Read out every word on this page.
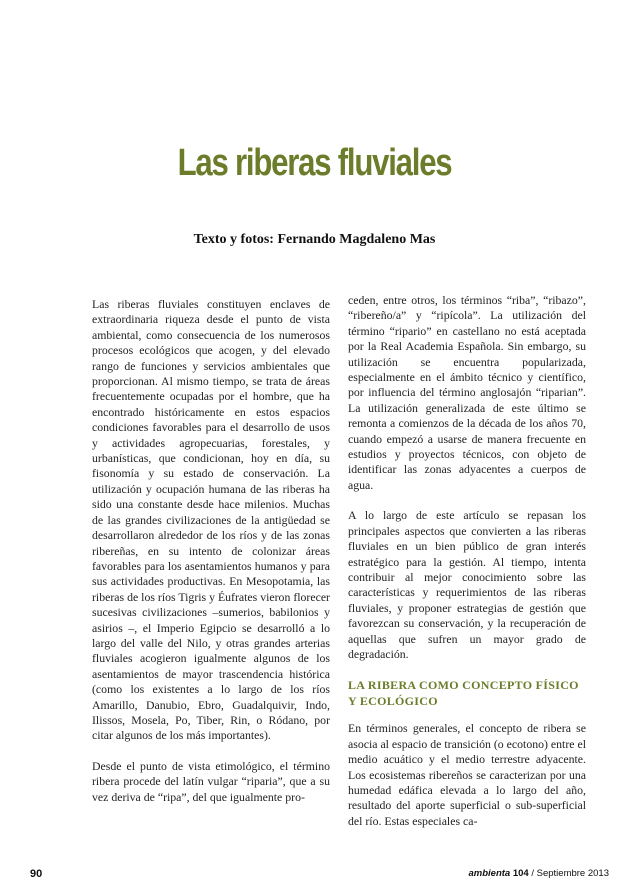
Las riberas fluviales

Texto y fotos: Fernando Magdaleno Mas

Las riberas fluviales constituyen enclaves de extraordinaria riqueza desde el punto de vista ambiental, como consecuencia de los numerosos procesos ecológicos que acogen, y del elevado rango de funciones y servicios ambientales que proporcionan. Al mismo tiempo, se trata de áreas frecuentemente ocupadas por el hombre, que ha encontrado históricamente en estos espacios condiciones favorables para el desarrollo de usos y actividades agropecuarias, forestales, y urbanísticas, que condicionan, hoy en día, su fisonomía y su estado de conservación. La utilización y ocupación humana de las riberas ha sido una constante desde hace milenios. Muchas de las grandes civilizaciones de la antigüedad se desarrollaron alrededor de los ríos y de las zonas ribereñas, en su intento de colonizar áreas favorables para los asentamientos humanos y para sus actividades productivas. En Mesopotamia, las riberas de los ríos Tigris y Éufrates vieron florecer sucesivas civilizaciones –sumerios, babilonios y asirios –, el Imperio Egipcio se desarrolló a lo largo del valle del Nilo, y otras grandes arterias fluviales acogieron igualmente algunos de los asentamientos de mayor trascendencia histórica (como los existentes a lo largo de los ríos Amarillo, Danubio, Ebro, Guadalquivir, Indo, Ilissos, Mosela, Po, Tiber, Rin, o Ródano, por citar algunos de los más importantes).

Desde el punto de vista etimológico, el término ribera procede del latín vulgar “riparia”, que a su vez deriva de “ripa”, del que igualmente pro-

ceden, entre otros, los términos “riba”, “ribazo”, “ribereño/a” y “ripícola”. La utilización del término “ripario” en castellano no está aceptada por la Real Academia Española. Sin embargo, su utilización se encuentra popularizada, especialmente en el ámbito técnico y científico, por influencia del término anglosajón “riparian”. La utilización generalizada de este último se remonta a comienzos de la década de los años 70, cuando empezó a usarse de manera frecuente en estudios y proyectos técnicos, con objeto de identificar las zonas adyacentes a cuerpos de agua.

A lo largo de este artículo se repasan los principales aspectos que convierten a las riberas fluviales en un bien público de gran interés estratégico para la gestión. Al tiempo, intenta contribuir al mejor conocimiento sobre las características y requerimientos de las riberas fluviales, y proponer estrategias de gestión que favorezcan su conservación, y la recuperación de aquellas que sufren un mayor grado de degradación.

LA RIBERA COMO CONCEPTO FÍSICO Y ECOLÓGICO

En términos generales, el concepto de ribera se asocia al espacio de transición (o ecotono) entre el medio acuático y el medio terrestre adyacente. Los ecosistemas ribereños se caracterizan por una humedad edáfica elevada a lo largo del año, resultado del aporte superficial o sub-superficial del río. Estas especiales ca-

90	ambienta 104 / Septiembre 2013
